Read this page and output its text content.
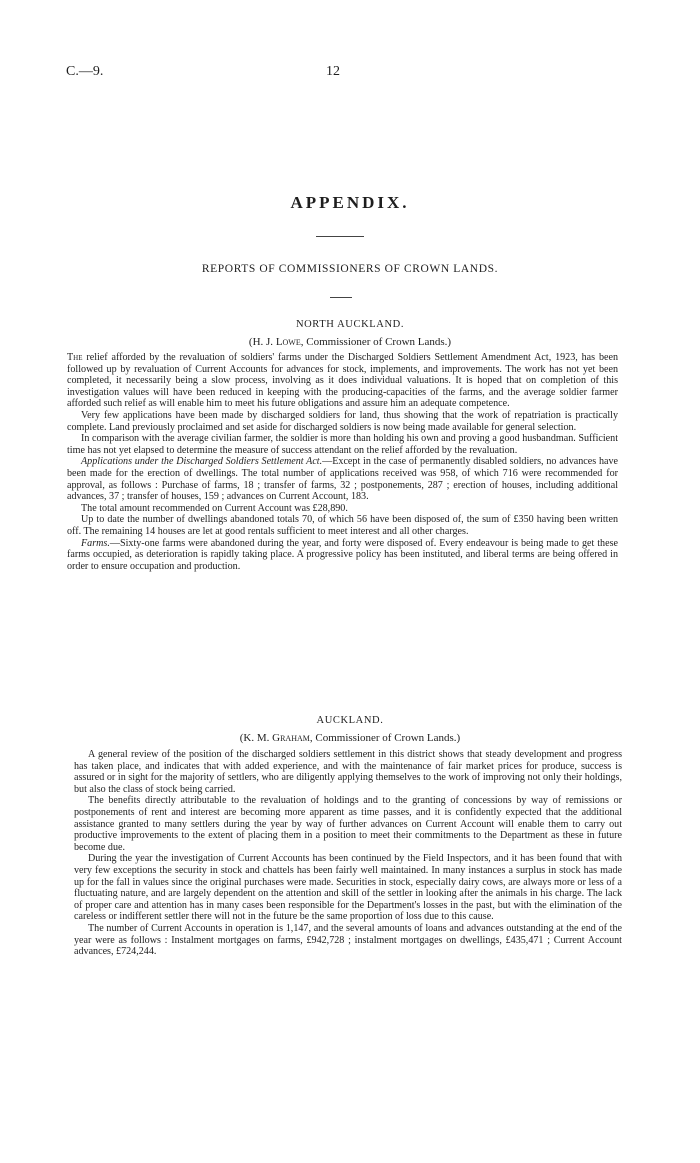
C.—9.	12
APPENDIX.
REPORTS OF COMMISSIONERS OF CROWN LANDS.
NORTH AUCKLAND.
(H. J. Lowe, Commissioner of Crown Lands.)

The relief afforded by the revaluation of soldiers' farms under the Discharged Soldiers Settlement Amendment Act, 1923, has been followed up by revaluation of Current Accounts for advances for stock, implements, and improvements. The work has not yet been completed, it necessarily being a slow process, involving as it does individual valuations. It is hoped that on completion of this investigation values will have been reduced in keeping with the producing-capacities of the farms, and the average soldier farmer afforded such relief as will enable him to meet his future obligations and assure him an adequate competence.

Very few applications have been made by discharged soldiers for land, thus showing that the work of repatriation is practically complete. Land previously proclaimed and set aside for discharged soldiers is now being made available for general selection.

In comparison with the average civilian farmer, the soldier is more than holding his own and proving a good husbandman. Sufficient time has not yet elapsed to determine the measure of success attendant on the relief afforded by the revaluation.

Applications under the Discharged Soldiers Settlement Act.—Except in the case of permanently disabled soldiers, no advances have been made for the erection of dwellings. The total number of applications received was 958, of which 716 were recommended for approval, as follows : Purchase of farms, 18 ; transfer of farms, 32 ; postponements, 287 ; erection of houses, including additional advances, 37 ; transfer of houses, 159 ; advances on Current Account, 183.

The total amount recommended on Current Account was £28,890.

Up to date the number of dwellings abandoned totals 70, of which 56 have been disposed of, the sum of £350 having been written off. The remaining 14 houses are let at good rentals sufficient to meet interest and all other charges.

Farms.—Sixty-one farms were abandoned during the year, and forty were disposed of. Every endeavour is being made to get these farms occupied, as deterioration is rapidly taking place. A progressive policy has been instituted, and liberal terms are being offered in order to ensure occupation and production.

AUCKLAND.
(K. M. Graham, Commissioner of Crown Lands.)

A general review of the position of the discharged soldiers settlement in this district shows that steady development and progress has taken place, and indicates that with added experience, and with the maintenance of fair market prices for produce, success is assured or in sight for the majority of settlers, who are diligently applying themselves to the work of improving not only their holdings, but also the class of stock being carried.

The benefits directly attributable to the revaluation of holdings and to the granting of concessions by way of remissions or postponements of rent and interest are becoming more apparent as time passes, and it is confidently expected that the additional assistance granted to many settlers during the year by way of further advances on Current Account will enable them to carry out productive improvements to the extent of placing them in a position to meet their commitments to the Department as these in future become due.

During the year the investigation of Current Accounts has been continued by the Field Inspectors, and it has been found that with very few exceptions the security in stock and chattels has been fairly well maintained. In many instances a surplus in stock has made up for the fall in values since the original purchases were made. Securities in stock, especially dairy cows, are always more or less of a fluctuating nature, and are largely dependent on the attention and skill of the settler in looking after the animals in his charge. The lack of proper care and attention has in many cases been responsible for the Department's losses in the past, but with the elimination of the careless or indifferent settler there will not in the future be the same proportion of loss due to this cause.

The number of Current Accounts in operation is 1,147, and the several amounts of loans and advances outstanding at the end of the year were as follows : Instalment mortgages on farms, £942,728 ; instalment mortgages on dwellings, £435,471 ; Current Account advances, £724,244.
